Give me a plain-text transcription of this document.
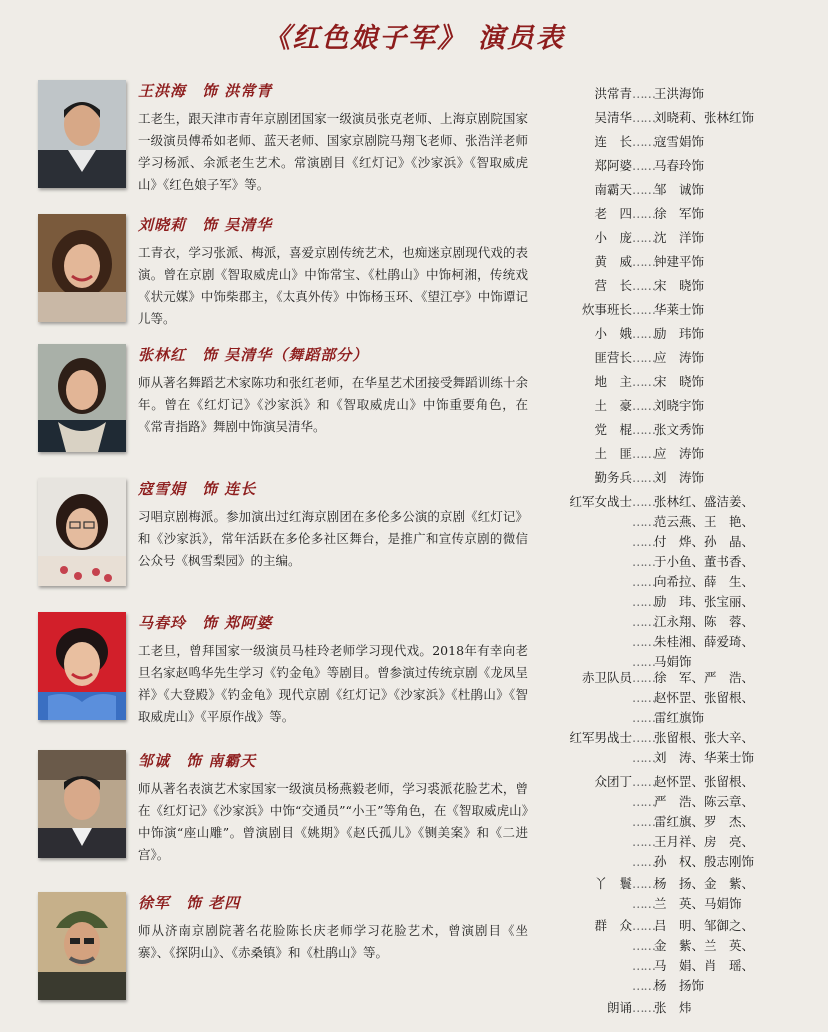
《红色娘子军》 演员表
王洪海 饰 洪常青
工老生，跟天津市青年京剧团国家一级演员张克老师、上海京剧院国家一级演员傅希如老师、蓝天老师、国家京剧院马翔飞老师、张浩洋老师学习杨派、余派老生艺术。常演剧目《红灯记》《沙家浜》《智取威虎山》《红色娘子军》等。
刘晓莉 饰 吴清华
工青衣，学习张派、梅派，喜爱京剧传统艺术，也痴迷京剧现代戏的表演。曾在京剧《智取威虎山》中饰常宝、《杜鹃山》中饰柯湘，传统戏《状元媒》中饰柴郡主，《太真外传》中饰杨玉环、《望江亭》中饰谭记儿等。
张林红 饰 吴清华（舞蹈部分）
师从著名舞蹈艺术家陈功和张红老师，在华星艺术团接受舞蹈训练十余年。曾在《红灯记》《沙家浜》和《智取威虎山》中饰重要角色，在《常青指路》舞剧中饰演吴清华。
寇雪娟 饰 连长
习唱京剧梅派。参加演出过红海京剧团在多伦多公演的京剧《红灯记》和《沙家浜》，常年活跃在多伦多社区舞台，是推广和宣传京剧的微信公众号《枫雪梨园》的主编。
马春玲 饰 郑阿婆
工老旦，曾拜国家一级演员马桂玲老师学习现代戏。2018年有幸向老旦名家赵鸣华先生学习《钓金龟》等剧目。曾参演过传统京剧《龙凤呈祥》《大登殿》《钓金龟》现代京剧《红灯记》《沙家浜》《杜鹃山》《智取威虎山》《平原作战》等。
邹诚 饰 南霸天
师从著名表演艺术家国家一级演员杨燕毅老师，学习裘派花脸艺术，曾在《红灯记》《沙家浜》中饰“交通员”“小王”等角色，在《智取威虎山》中饰演“座山雕”。曾演剧目《姚期》《赵氏孤儿》《铡美案》和《二进宫》。
徐军 饰 老四
师从济南京剧院著名花脸陈长庆老师学习花脸艺术，曾演剧目《坐寨》、《探阴山》、《赤桑镇》和《杜鹃山》等。
洪常青……王洪海饰
吴清华……刘晓莉、张林红饰
连　长……寇雪娟饰
郑阿婆……马春玲饰
南霸天……邹　诚饰
老　四……徐　军饰
小　庞……沈　洋饰
黄　威……钟建平饰
营　长……宋　晓饰
炊事班长……华莱士饰
小　娥……励　玮饰
匪营长……应　涛饰
地　主……宋　晓饰
土　豪……刘晓宇饰
党　棍……张文秀饰
土　匪……应　涛饰
勤务兵……刘　涛饰
红军女战士……张林红、盛洁姜、
……范云燕、王　艳、
……付　烨、孙　晶、
……于小鱼、董书香、
……向希拉、薛　生、
……励　玮、张宝丽、
……江永翔、陈　蓉、
……朱桂湘、薛爱琦、
……马娟饰
赤卫队员……徐　军、严　浩、
……赵怀罡、张留根、
……雷红旗饰
红军男战士……张留根、张大辛、
……刘　涛、华莱士饰
众团丁……赵怀罡、张留根、
……严　浩、陈云章、
……雷红旗、罗　杰、
……王月祥、房　亮、
……孙　权、殷志刚饰
丫　鬟……杨　扬、金　紫、
……兰　英、马娟饰
群　众……吕　明、邹御之、
……金　紫、兰　英、
……马　娟、肖　瑶、
……杨　扬饰
朗诵……张　炜
